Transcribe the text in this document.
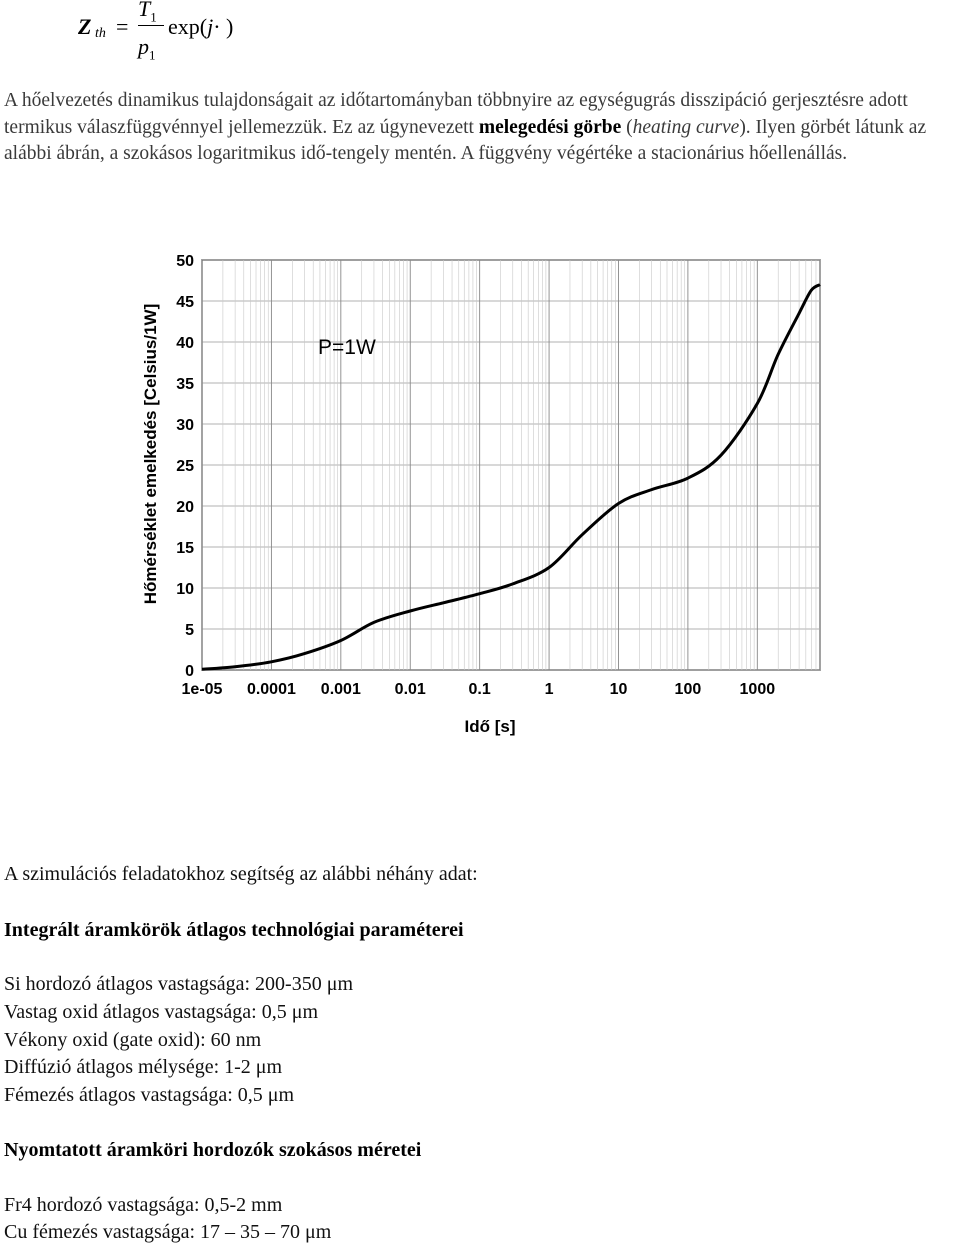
Z th =
$T_1$
$p_1$
exp(j· )

A hőelvezetés dinamikus tulajdonságait az időtartományban többnyire az egységugrás disszipáció gerjesztésre adott termikus válaszfüggvénnyel jellemezzük. Ez az úgynevezett melegedési görbe (heating curve). Ilyen görbét látunk az alábbi ábrán, a szokásos logaritmikus idő-tengely mentén. A függvény végértéke a stacionárius hőellenállás.

0
5
10
15
20
25
30
35
40
45
50
1e-05 0.0001 0.001 0.01	0.1	1	10	100 1000
P=1W
Idő [s]
Hőmérséklet emelkedés [Celsius/1W]
A szimulációs feladatokhoz segítség az alábbi néhány adat:
Integrált áramkörök átlagos technológiai paraméterei
Si hordozó átlagos vastagsága: 200-350 μm
Vastag oxid átlagos vastagsága: 0,5 μm
Vékony oxid (gate oxid): 60 nm
Diffúzió átlagos mélysége: 1-2 μm
Fémezés átlagos vastagsága: 0,5 μm
Nyomtatott áramköri hordozók szokásos méretei
Fr4 hordozó vastagsága: 0,5-2 mm
Cu fémezés vastagsága: 17 – 35 – 70 μm
